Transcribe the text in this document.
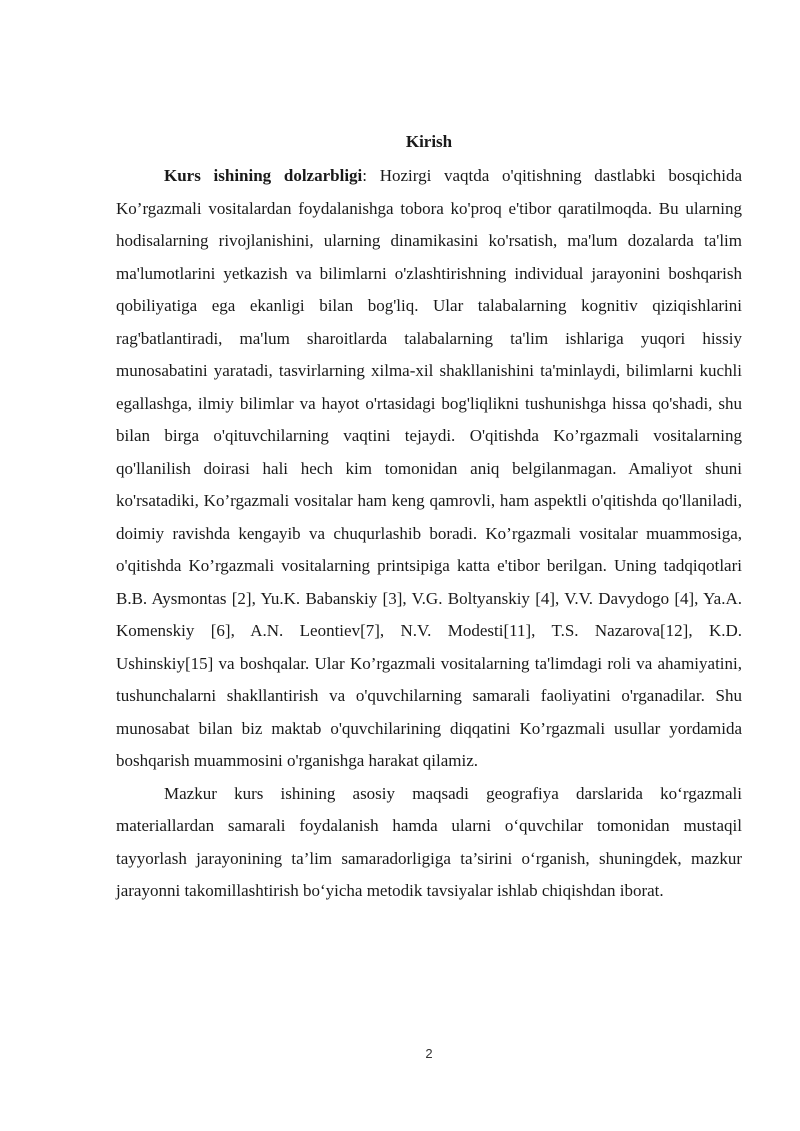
Kirish

Kurs ishining dolzarbligi: Hozirgi vaqtda o'qitishning dastlabki bosqichida Ko’rgazmali vositalardan foydalanishga tobora ko'proq e'tibor qaratilmoqda. Bu ularning hodisalarning rivojlanishini, ularning dinamikasini ko'rsatish, ma'lum dozalarda ta'lim ma'lumotlarini yetkazish va bilimlarni o'zlashtirishning individual jarayonini boshqarish qobiliyatiga ega ekanligi bilan bog'liq. Ular talabalarning kognitiv qiziqishlarini rag'batlantiradi, ma'lum sharoitlarda talabalarning ta'lim ishlariga yuqori hissiy munosabatini yaratadi, tasvirlarning xilma-xil shakllanishini ta'minlaydi, bilimlarni kuchli egallashga, ilmiy bilimlar va hayot o'rtasidagi bog'liqlikni tushunishga hissa qo'shadi, shu bilan birga o'qituvchilarning vaqtini tejaydi. O'qitishda Ko’rgazmali vositalarning qo'llanilish doirasi hali hech kim tomonidan aniq belgilanmagan. Amaliyot shuni ko'rsatadiki, Ko’rgazmali vositalar ham keng qamrovli, ham aspektli o'qitishda qo'llaniladi, doimiy ravishda kengayib va chuqurlashib boradi. Ko’rgazmali vositalar muammosiga, o'qitishda Ko’rgazmali vositalarning printsipiga katta e'tibor berilgan. Uning tadqiqotlari B.B. Aysmontas [2], Yu.K. Babanskiy [3], V.G. Boltyanskiy [4], V.V. Davydogo [4], Ya.A. Komenskiy [6], A.N. Leontiev[7], N.V. Modesti[11], T.S. Nazarova[12], K.D. Ushinskiy[15] va boshqalar. Ular Ko’rgazmali vositalarning ta'limdagi roli va ahamiyatini, tushunchalarni shakllantirish va o'quvchilarning samarali faoliyatini o'rganadilar. Shu munosabat bilan biz maktab o'quvchilarining diqqatini Ko’rgazmali usullar yordamida boshqarish muammosini o'rganishga harakat qilamiz.

Mazkur kurs ishining asosiy maqsadi geografiya darslarida ko‘rgazmali materiallardan samarali foydalanish hamda ularni o‘quvchilar tomonidan mustaqil tayyorlash jarayonining ta’lim samaradorligiga ta’sirini o‘rganish, shuningdek, mazkur jarayonni takomillashtirish bo‘yicha metodik tavsiyalar ishlab chiqishdan iborat.

2
